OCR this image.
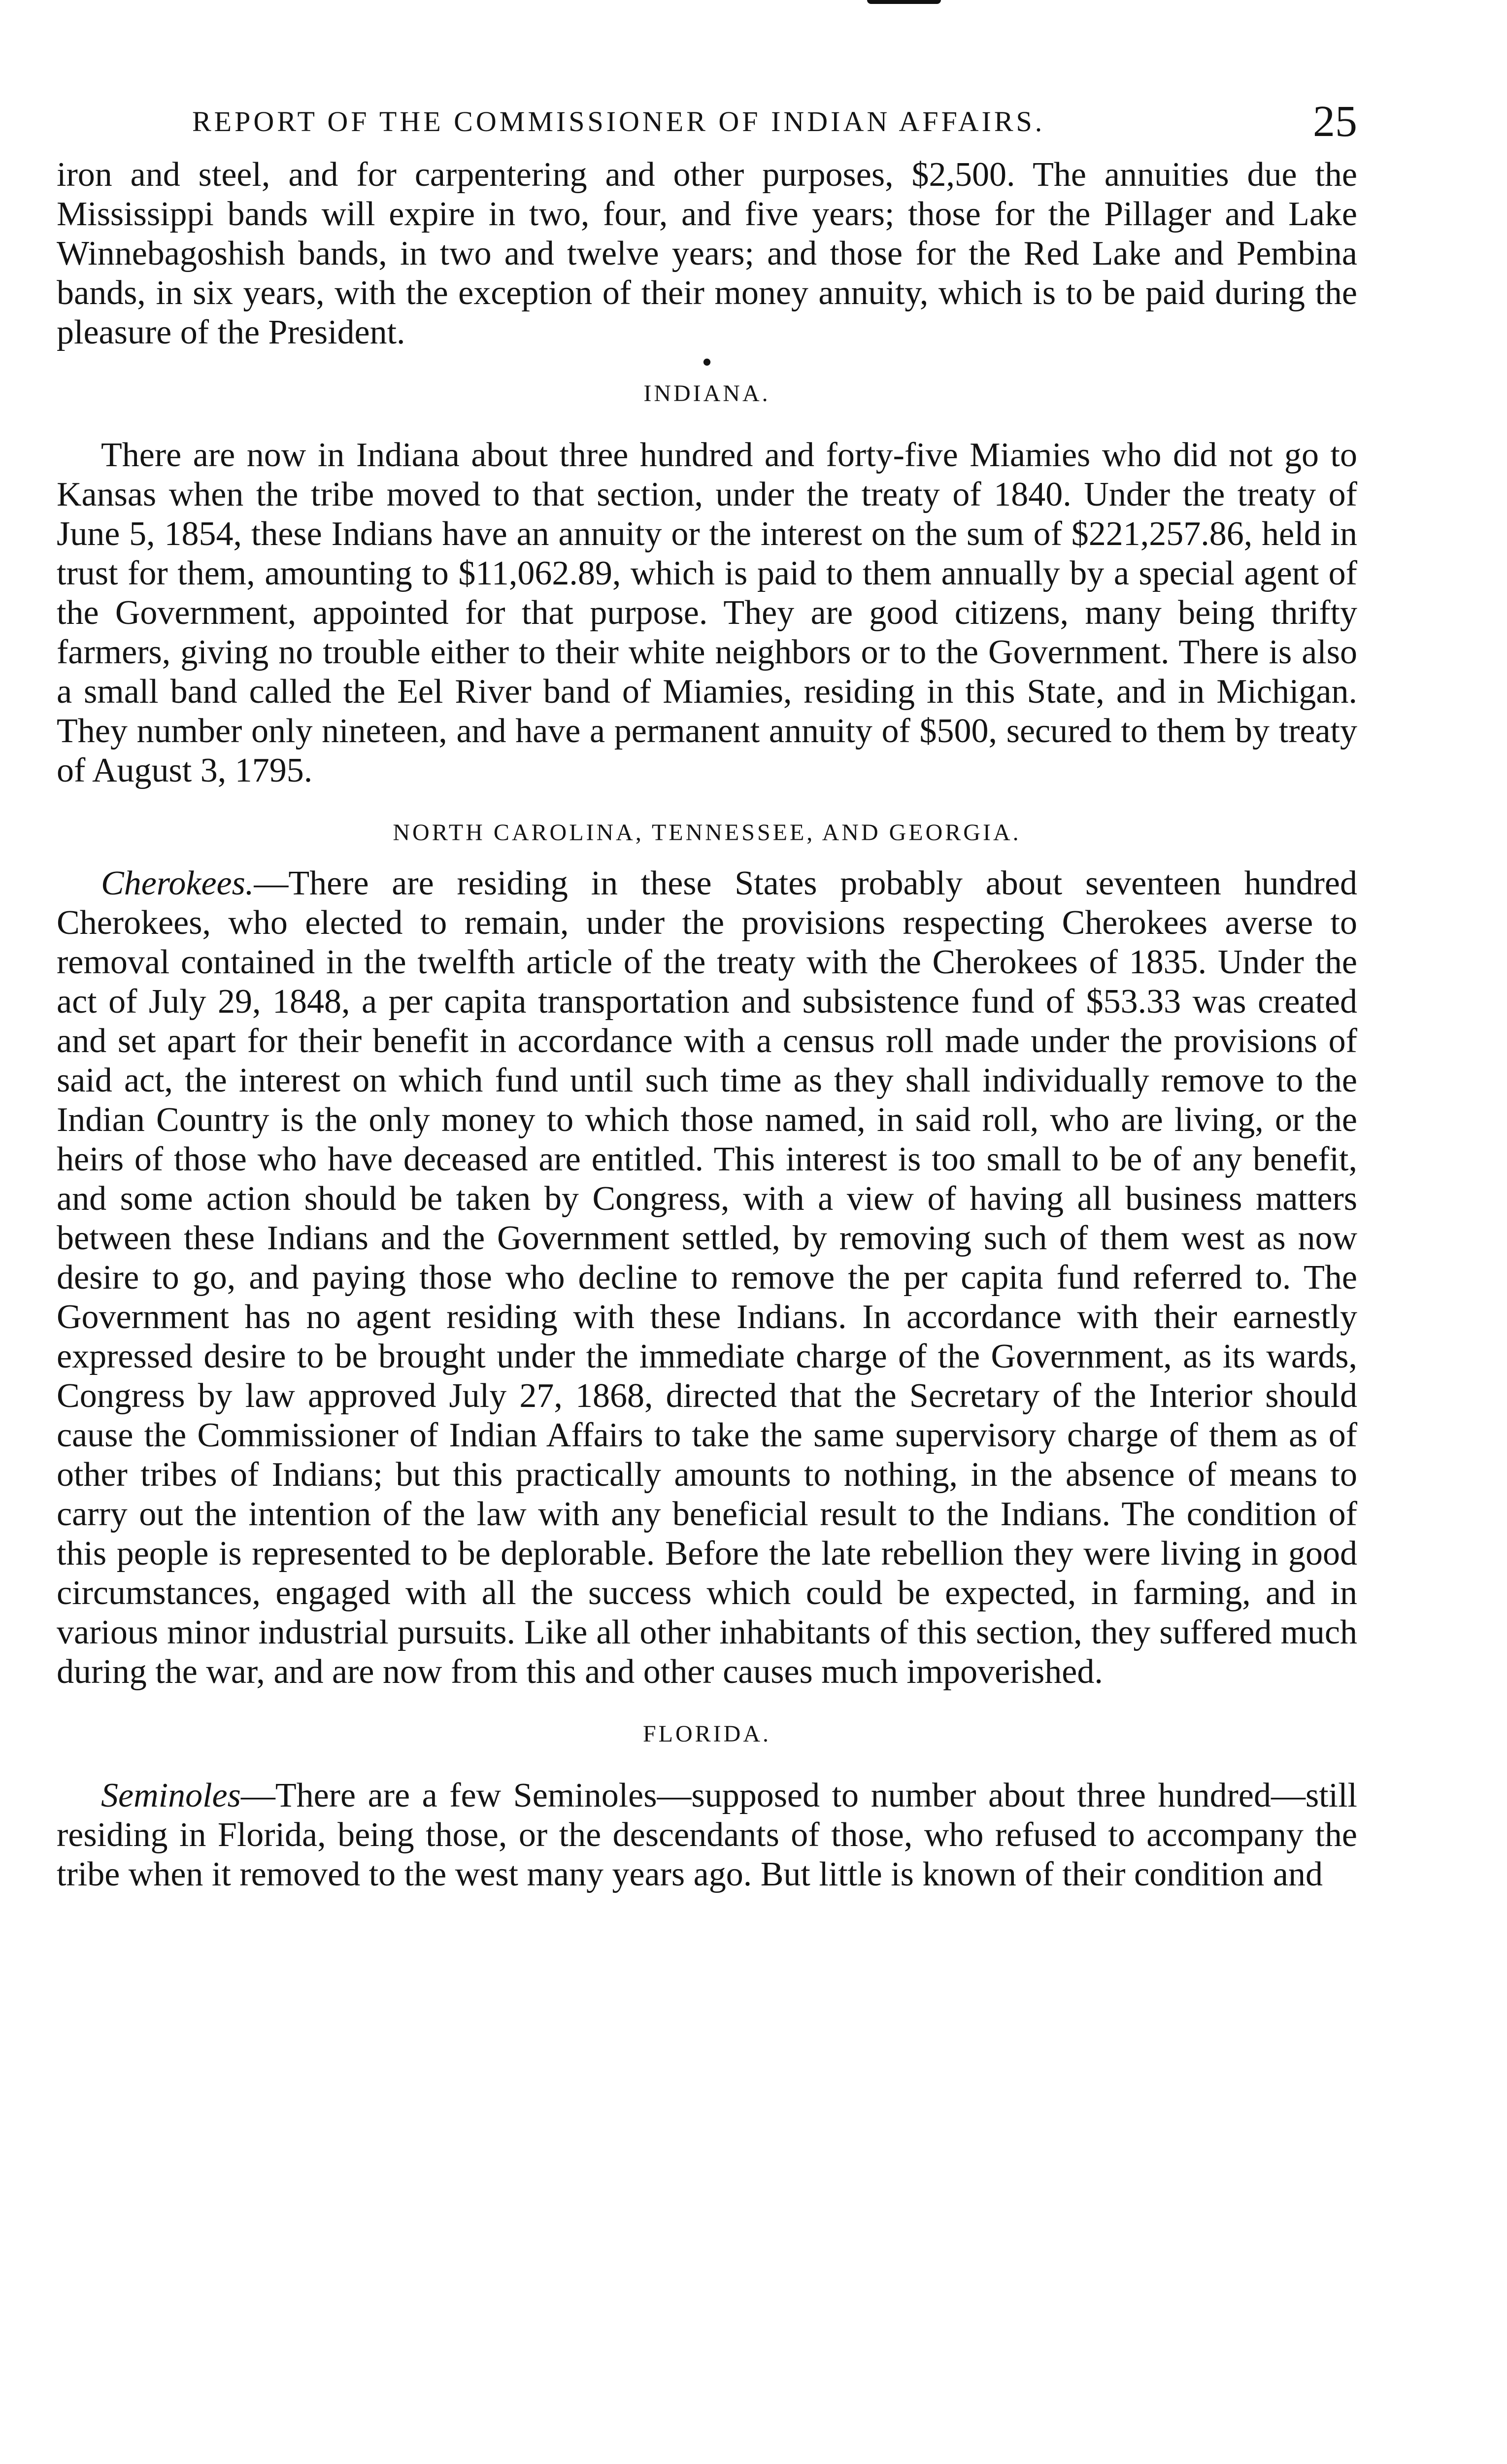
REPORT OF THE COMMISSIONER OF INDIAN AFFAIRS.	25

iron and steel, and for carpentering and other purposes, $2,500. The annuities due the Mississippi bands will expire in two, four, and five years; those for the Pillager and Lake Winnebagoshish bands, in two and twelve years; and those for the Red Lake and Pembina bands, in six years, with the exception of their money annuity, which is to be paid during the pleasure of the President.

•

INDIANA.

There are now in Indiana about three hundred and forty-five Miamies who did not go to Kansas when the tribe moved to that section, under the treaty of 1840. Under the treaty of June 5, 1854, these Indians have an annuity or the interest on the sum of $221,257.86, held in trust for them, amounting to $11,062.89, which is paid to them annually by a special agent of the Government, appointed for that purpose. They are good citizens, many being thrifty farmers, giving no trouble either to their white neighbors or to the Government. There is also a small band called the Eel River band of Miamies, residing in this State, and in Michigan. They number only nineteen, and have a permanent annuity of $500, secured to them by treaty of August 3, 1795.

NORTH CAROLINA, TENNESSEE, AND GEORGIA.

Cherokees.—There are residing in these States probably about seventeen hundred Cherokees, who elected to remain, under the provisions respecting Cherokees averse to removal contained in the twelfth article of the treaty with the Cherokees of 1835. Under the act of July 29, 1848, a per capita transportation and subsistence fund of $53.33 was created and set apart for their benefit in accordance with a census roll made under the provisions of said act, the interest on which fund until such time as they shall individually remove to the Indian Country is the only money to which those named, in said roll, who are living, or the heirs of those who have deceased are entitled. This interest is too small to be of any benefit, and some action should be taken by Congress, with a view of having all business matters between these Indians and the Government settled, by removing such of them west as now desire to go, and paying those who decline to remove the per capita fund referred to. The Government has no agent residing with these Indians. In accordance with their earnestly expressed desire to be brought under the immediate charge of the Government, as its wards, Congress by law approved July 27, 1868, directed that the Secretary of the Interior should cause the Commissioner of Indian Affairs to take the same supervisory charge of them as of other tribes of Indians; but this practically amounts to nothing, in the absence of means to carry out the intention of the law with any beneficial result to the Indians. The condition of this people is represented to be deplorable. Before the late rebellion they were living in good circumstances, engaged with all the success which could be expected, in farming, and in various minor industrial pursuits. Like all other inhabitants of this section, they suffered much during the war, and are now from this and other causes much impoverished.

FLORIDA.

Seminoles—There are a few Seminoles—supposed to number about three hundred—still residing in Florida, being those, or the descendants of those, who refused to accompany the tribe when it removed to the west many years ago. But little is known of their condition and
